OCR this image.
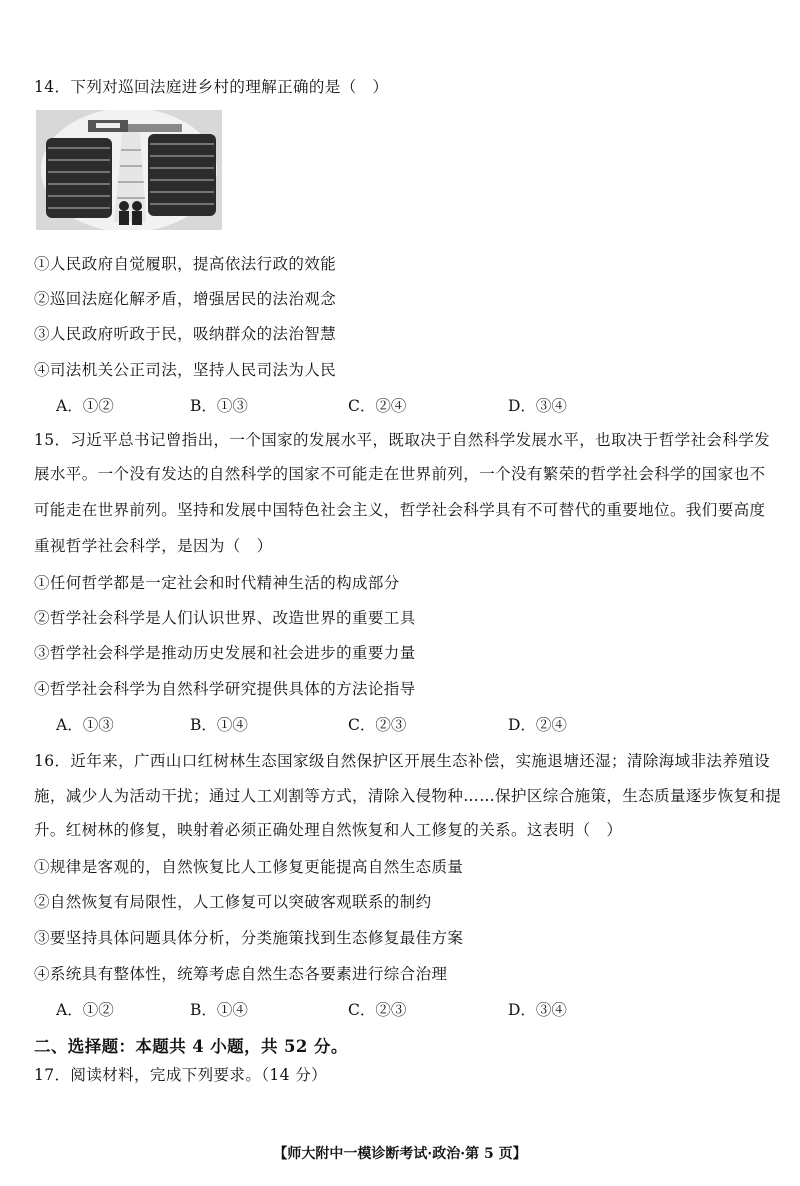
14．下列对巡回法庭进乡村的理解正确的是（　）
①人民政府自觉履职，提高依法行政的效能
②巡回法庭化解矛盾，增强居民的法治观念
③人民政府听政于民，吸纳群众的法治智慧
④司法机关公正司法，坚持人民司法为人民
A．①②	B．①③	C．②④	D．③④
15．习近平总书记曾指出，一个国家的发展水平，既取决于自然科学发展水平，也取决于哲学社会科学发
展水平。一个没有发达的自然科学的国家不可能走在世界前列，一个没有繁荣的哲学社会科学的国家也不
可能走在世界前列。坚持和发展中国特色社会主义，哲学社会科学具有不可替代的重要地位。我们要高度
重视哲学社会科学，是因为（　）
①任何哲学都是一定社会和时代精神生活的构成部分
②哲学社会科学是人们认识世界、改造世界的重要工具
③哲学社会科学是推动历史发展和社会进步的重要力量
④哲学社会科学为自然科学研究提供具体的方法论指导
A．①③	B．①④	C．②③	D．②④
16．近年来，广西山口红树林生态国家级自然保护区开展生态补偿，实施退塘还湿；清除海域非法养殖设
施，减少人为活动干扰；通过人工刈割等方式，清除入侵物种……保护区综合施策，生态质量逐步恢复和提
升。红树林的修复，映射着必须正确处理自然恢复和人工修复的关系。这表明（　）
①规律是客观的，自然恢复比人工修复更能提高自然生态质量
②自然恢复有局限性，人工修复可以突破客观联系的制约
③要坚持具体问题具体分析，分类施策找到生态修复最佳方案
④系统具有整体性，统筹考虑自然生态各要素进行综合治理
A．①②	B．①④	C．②③	D．③④
二、选择题：本题共 4 小题，共 52 分。
17．阅读材料，完成下列要求。（14 分）
【师大附中一模诊断考试·政治·第 5 页】
